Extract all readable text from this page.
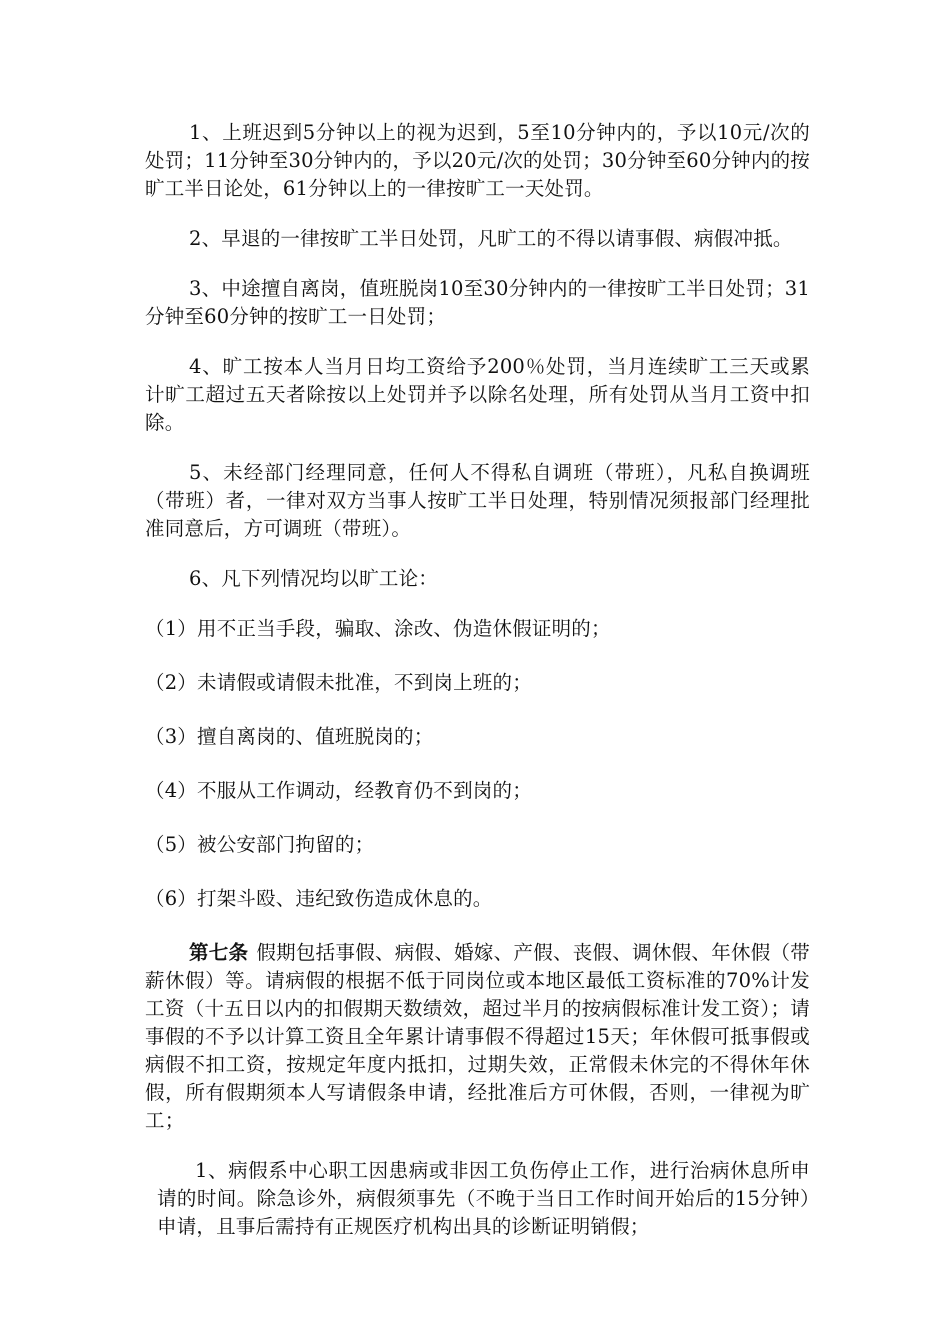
1、上班迟到5分钟以上的视为迟到，5至10分钟内的，予以10元/次的处罚；11分钟至30分钟内的，予以20元/次的处罚；30分钟至60分钟内的按旷工半日论处，61分钟以上的一律按旷工一天处罚。

2、早退的一律按旷工半日处罚，凡旷工的不得以请事假、病假冲抵。

3、中途擅自离岗，值班脱岗10至30分钟内的一律按旷工半日处罚；31分钟至60分钟的按旷工一日处罚；

4、旷工按本人当月日均工资给予200％处罚，当月连续旷工三天或累计旷工超过五天者除按以上处罚并予以除名处理，所有处罚从当月工资中扣除。

5、未经部门经理同意，任何人不得私自调班（带班），凡私自换调班（带班）者，一律对双方当事人按旷工半日处理，特别情况须报部门经理批准同意后，方可调班（带班）。

6、凡下列情况均以旷工论：

（1）用不正当手段，骗取、涂改、伪造休假证明的；

（2）未请假或请假未批准，不到岗上班的；

（3）擅自离岗的、值班脱岗的；

（4）不服从工作调动，经教育仍不到岗的；

（5）被公安部门拘留的；

（6）打架斗殴、违纪致伤造成休息的。

第七条 假期包括事假、病假、婚嫁、产假、丧假、调休假、年休假（带薪休假）等。请病假的根据不低于同岗位或本地区最低工资标准的70%计发工资（十五日以内的扣假期天数绩效，超过半月的按病假标准计发工资）；请事假的不予以计算工资且全年累计请事假不得超过15天；年休假可抵事假或病假不扣工资，按规定年度内抵扣，过期失效，正常假未休完的不得休年休假，所有假期须本人写请假条申请，经批准后方可休假，否则，一律视为旷工；

1、病假系中心职工因患病或非因工负伤停止工作，进行治病休息所申请的时间。除急诊外，病假须事先（不晚于当日工作时间开始后的15分钟）申请，且事后需持有正规医疗机构出具的诊断证明销假；
